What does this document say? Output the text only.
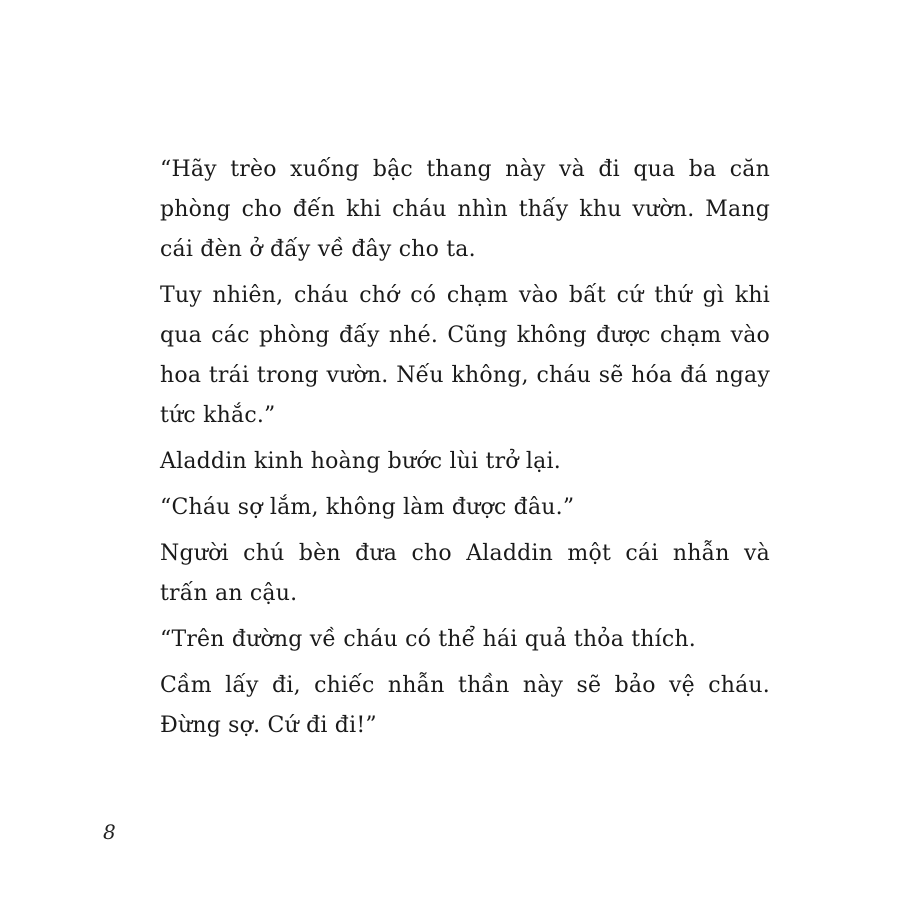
“Hãy trèo xuống bậc thang này và đi qua ba căn
phòng cho đến khi cháu nhìn thấy khu vườn. Mang
cái đèn ở đấy về đây cho ta.
Tuy nhiên, cháu chớ có chạm vào bất cứ thứ gì khi
qua các phòng đấy nhé. Cũng không được chạm vào
hoa trái trong vườn. Nếu không, cháu sẽ hóa đá ngay
tức khắc.”
Aladdin kinh hoàng bước lùi trở lại.
“Cháu sợ lắm, không làm được đâu.”
Người chú bèn đưa cho Aladdin một cái nhẫn và
trấn an cậu.
“Trên đường về cháu có thể hái quả thỏa thích.
Cầm lấy đi, chiếc nhẫn thần này sẽ bảo vệ cháu.
Đừng sợ. Cứ đi đi!”
8
